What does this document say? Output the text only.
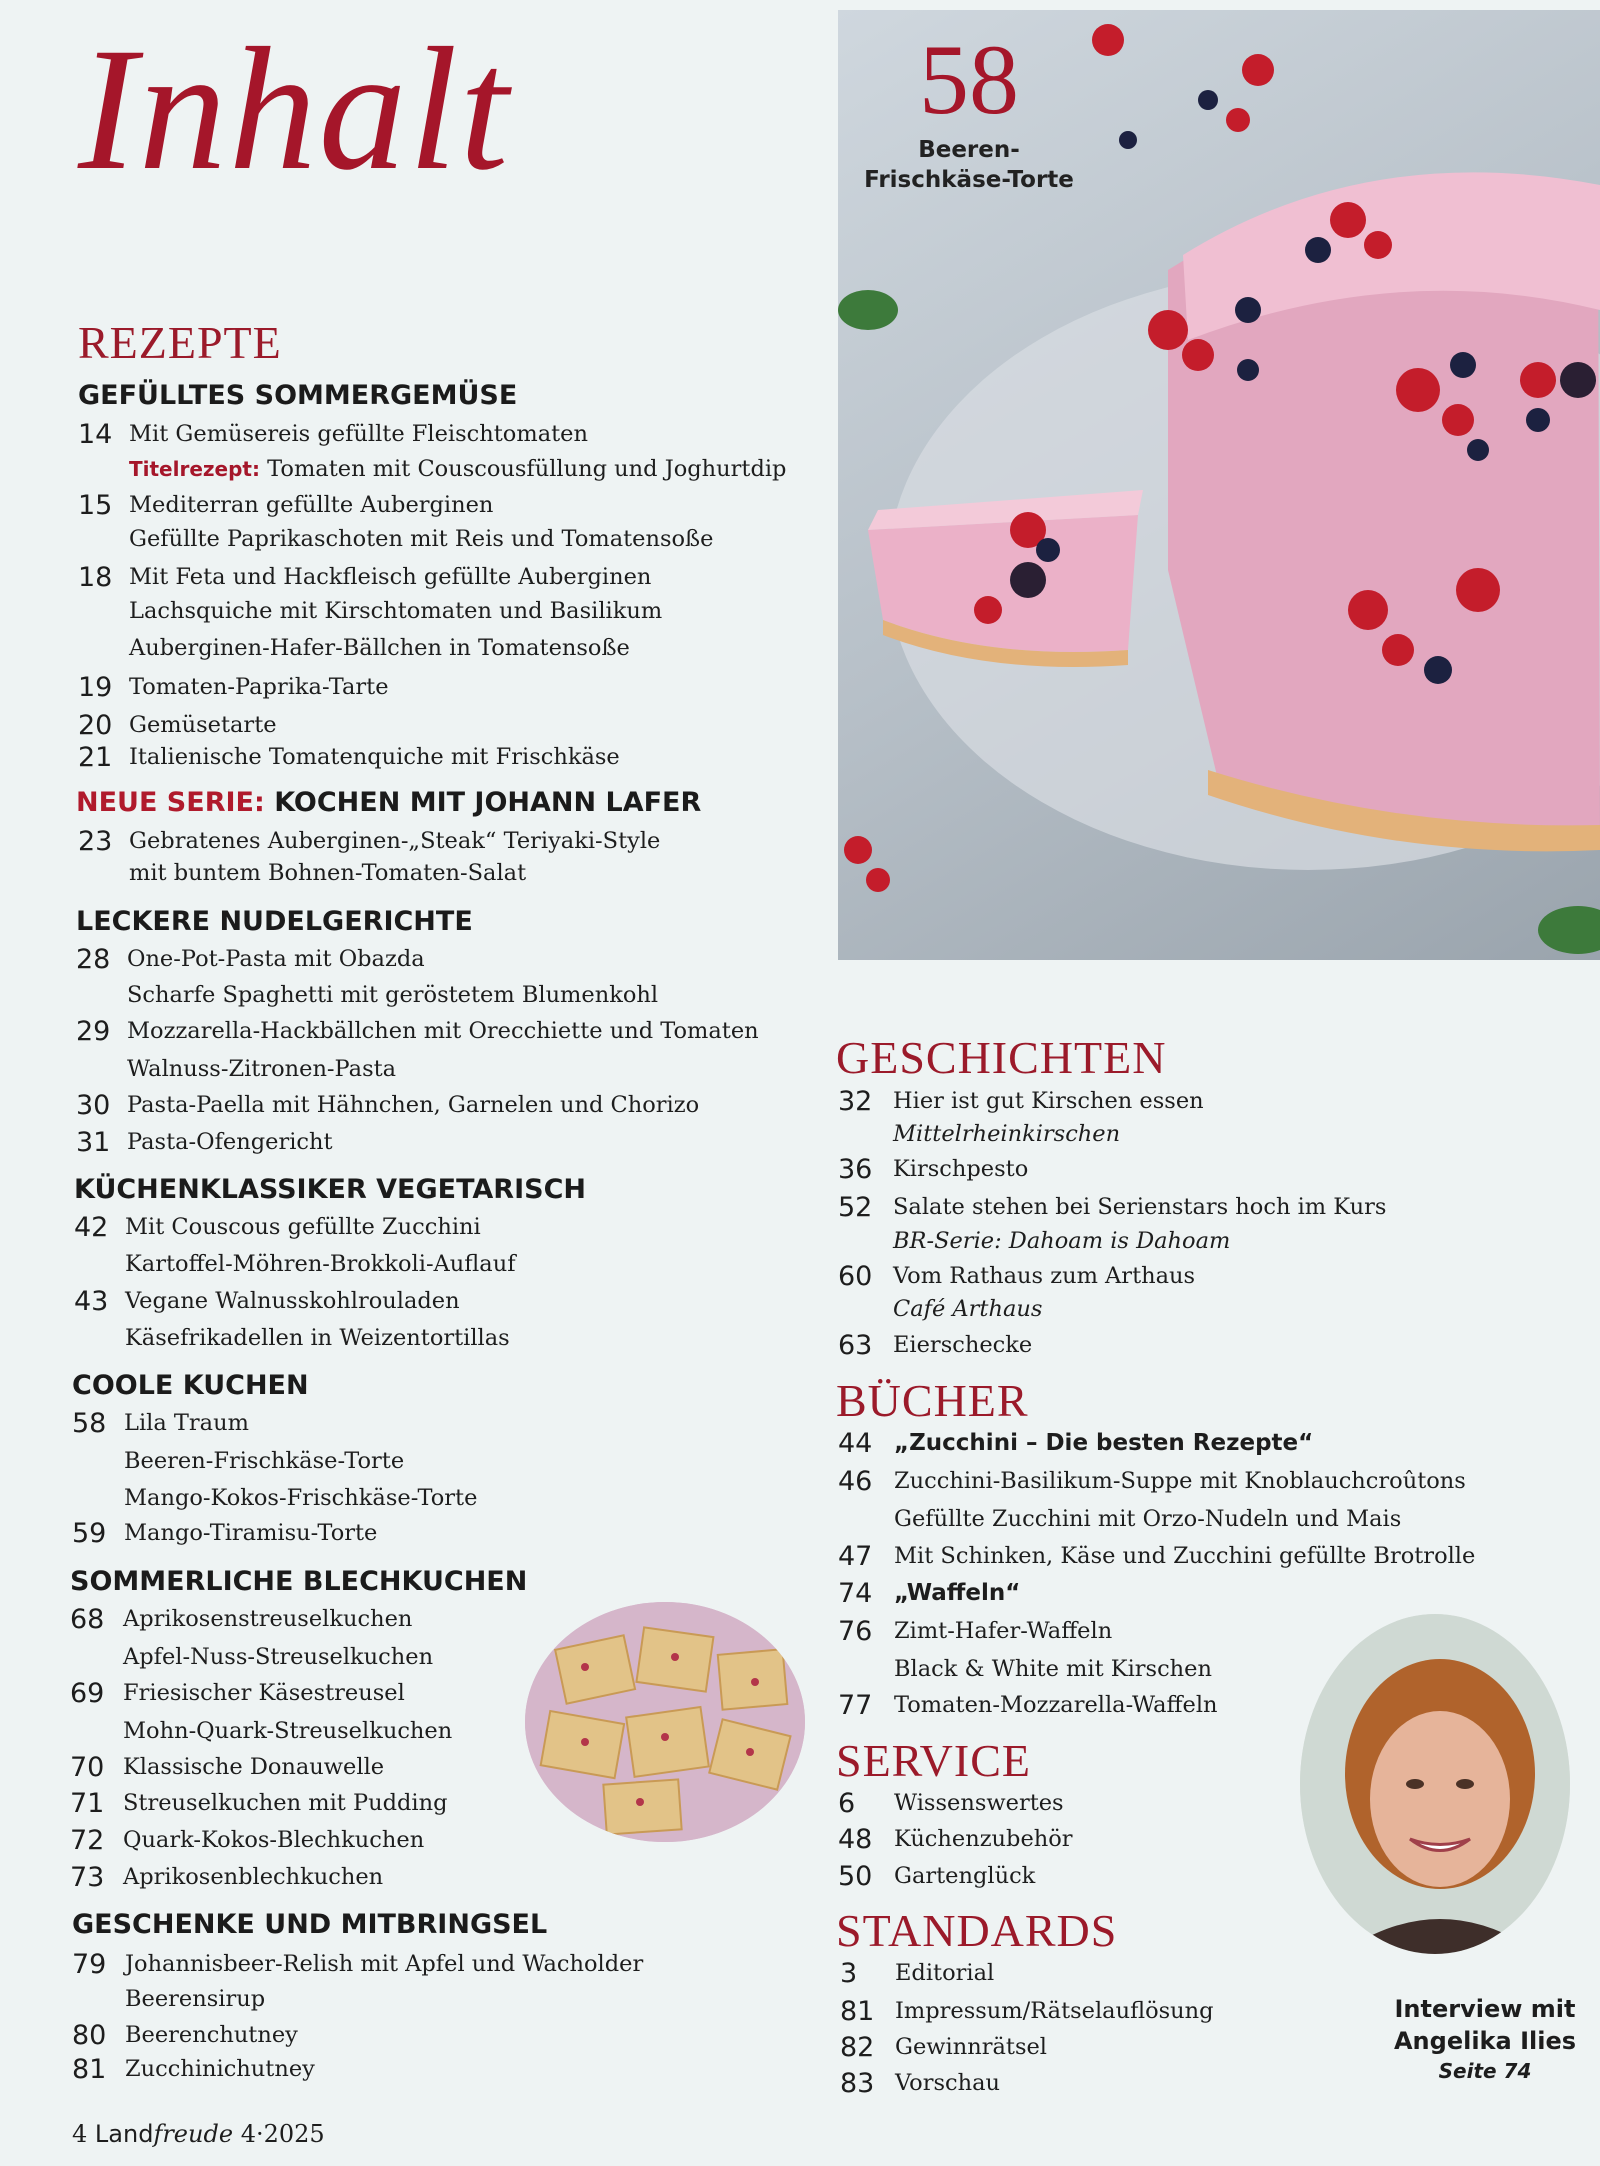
Inhalt	58
Beeren-
Frischkäse-Torte
Interview mit
Angelika Ilies
Seite 74
REZEPTE
GEFÜLLTES SOMMERGEMÜSE
14 Mit Gemüsereis gefüllte Fleischtomaten
Titelrezept: Tomaten mit Couscousfüllung und Joghurtdip
15 Mediterran gefüllte Auberginen
Gefüllte Paprikaschoten mit Reis und Tomatensoße
18 Mit Feta und Hackfleisch gefüllte Auberginen
Lachsquiche mit Kirschtomaten und Basilikum
Auberginen-Hafer-Bällchen in Tomatensoße
19 Tomaten-Paprika-Tarte
20 Gemüsetarte
21 Italienische Tomatenquiche mit Frischkäse
NEUE SERIE: KOCHEN MIT JOHANN LAFER
23 Gebratenes Auberginen-„Steak“ Teriyaki-Style
mit buntem Bohnen-Tomaten-Salat
LECKERE NUDELGERICHTE
28 One-Pot-Pasta mit Obazda
Scharfe Spaghetti mit geröstetem Blumenkohl
29 Mozzarella-Hackbällchen mit Orecchiette und Tomaten
Walnuss-Zitronen-Pasta
30 Pasta-Paella mit Hähnchen, Garnelen und Chorizo
31 Pasta-Ofengericht
KÜCHENKLASSIKER VEGETARISCH
42 Mit Couscous gefüllte Zucchini
Kartoffel-Möhren-Brokkoli-Auflauf
43 Vegane Walnusskohlrouladen
Käsefrikadellen in Weizentortillas
COOLE KUCHEN
58 Lila Traum
Beeren-Frischkäse-Torte
Mango-Kokos-Frischkäse-Torte
59 Mango-Tiramisu-Torte
SOMMERLICHE BLECHKUCHEN
68 Aprikosenstreuselkuchen
Apfel-Nuss-Streuselkuchen
69 Friesischer Käsestreusel
Mohn-Quark-Streuselkuchen
70 Klassische Donauwelle
71 Streuselkuchen mit Pudding
72 Quark-Kokos-Blechkuchen
73 Aprikosenblechkuchen
GESCHENKE UND MITBRINGSEL
79 Johannisbeer-Relish mit Apfel und Wacholder
Beerensirup
80 Beerenchutney
81 Zucchinichutney
GESCHICHTEN
32 Hier ist gut Kirschen essen
Mittelrheinkirschen
36 Kirschpesto
52 Salate stehen bei Serienstars hoch im Kurs
BR-Serie: Dahoam is Dahoam
60 Vom Rathaus zum Arthaus
Café Arthaus
63 Eierschecke
BÜCHER
44 „Zucchini – Die besten Rezepte“
46 Zucchini-Basilikum-Suppe mit Knoblauchcroûtons
Gefüllte Zucchini mit Orzo-Nudeln und Mais
47 Mit Schinken, Käse und Zucchini gefüllte Brotrolle
74 „Waffeln“
76 Zimt-Hafer-Waffeln
Black & White mit Kirschen
77 Tomaten-Mozzarella-Waffeln
SERVICE
6 Wissenswertes
48 Küchenzubehör
50 Gartenglück
STANDARDS
3 Editorial
81 Impressum/Rätselauflösung
82 Gewinnrätsel
83 Vorschau
4 Landfreude 4·2025
